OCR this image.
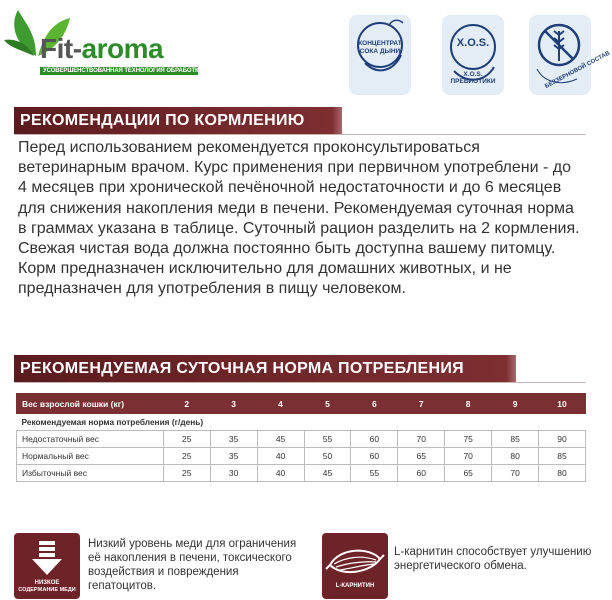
Fit-aroma
УСОВЕРШЕНСТВОВАННАЯ ТЕХНОЛОГИЯ ОБРАБОТКИ
КОНЦЕНТРАТ
СОКА ДЫНИ
X.O.S.
X.O.S.
ПРЕБИОТИКИ	БЕЗЗЕРНОВОЙ СОСТАВ
РЕКОМЕНДАЦИИ ПО КОРМЛЕНИЮ

Перед использованием рекомендуется проконсультироваться ветеринарным врачом. Курс применения при первичном употреблени - до 4 месяцев при хронической печёночной недостаточности и до 6 месяцев для снижения накопления меди в печени. Рекомендуемая суточная норма в граммах указана в таблице. Суточный рацион разделить на 2 кормления. Свежая чистая вода должна постоянно быть доступна вашему питомцу. Корм предназначен исключительно для домашних животных, и не предназначен для употребления в пищу человеком.

РЕКОМЕНДУЕМАЯ СУТОЧНАЯ НОРМА ПОТРЕБЛЕНИЯ
Вес взрослой кошки (кг)	2	3	4	5	6	7	8	9	10
Рекомендуемая норма потребления (г/день)									
Недостаточный вес	25	35	45	55	60	70	75	85	90
Нормальный вес	25	35	40	50	60	65	70	80	85
Избыточный вес	25	30	40	45	55	60	65	70	80
НИЗКОЕ
СОДЕРЖАНИЕ МЕДИ

Низкий уровень меди для ограничения её накопления в печени, токсического воздействия и повреждения гепатоцитов.	L-КАРНИТИН

L-карнитин способствует улучшению энергетического обмена.
